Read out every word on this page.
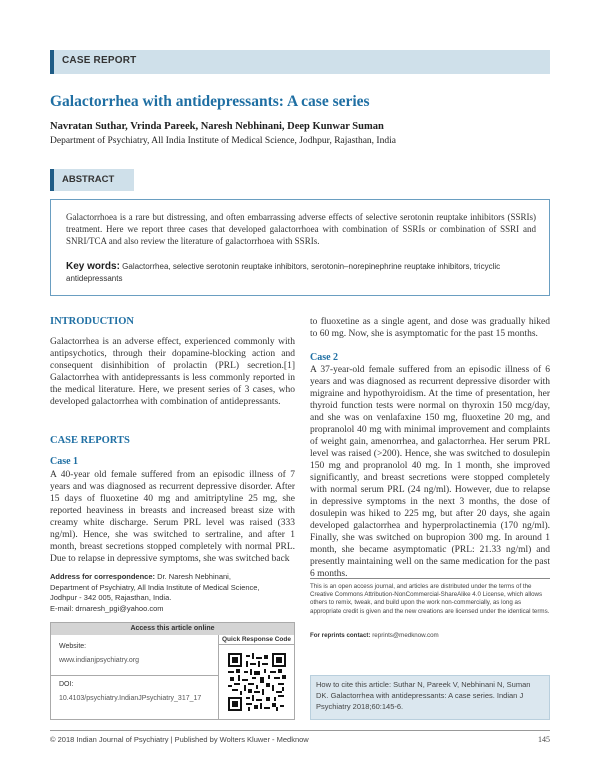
CASE REPORT
Galactorrhea with antidepressants: A case series
Navratan Suthar, Vrinda Pareek, Naresh Nebhinani, Deep Kunwar Suman
Department of Psychiatry, All India Institute of Medical Science, Jodhpur, Rajasthan, India
ABSTRACT
Galactorrhoea is a rare but distressing, and often embarrassing adverse effects of selective serotonin reuptake inhibitors (SSRIs) treatment. Here we report three cases that developed galactorrhoea with combination of SSRIs or combination of SSRI and SNRI/TCA and also review the literature of galactorrhoea with SSRIs.
Key words: Galactorrhea, selective serotonin reuptake inhibitors, serotonin–norepinephrine reuptake inhibitors, tricyclic antidepressants
INTRODUCTION
Galactorrhea is an adverse effect, experienced commonly with antipsychotics, through their dopamine-blocking action and consequent disinhibition of prolactin (PRL) secretion.[1] Galactorrhea with antidepressants is less commonly reported in the medical literature. Here, we present series of 3 cases, who developed galactorrhea with combination of antidepressants.
CASE REPORTS
Case 1
A 40-year old female suffered from an episodic illness of 7 years and was diagnosed as recurrent depressive disorder. After 15 days of fluoxetine 40 mg and amitriptyline 25 mg, she reported heaviness in breasts and increased breast size with creamy white discharge. Serum PRL level was raised (333 ng/ml). Hence, she was switched to sertraline, and after 1 month, breast secretions stopped completely with normal PRL. Due to relapse in depressive symptoms, she was switched back
to fluoxetine as a single agent, and dose was gradually hiked to 60 mg. Now, she is asymptomatic for the past 15 months.
Case 2
A 37-year-old female suffered from an episodic illness of 6 years and was diagnosed as recurrent depressive disorder with migraine and hypothyroidism. At the time of presentation, her thyroid function tests were normal on thyroxin 150 mcg/day, and she was on venlafaxine 150 mg, fluoxetine 20 mg, and propranolol 40 mg with minimal improvement and complaints of weight gain, amenorrhea, and galactorrhea. Her serum PRL level was raised (>200). Hence, she was switched to dosulepin 150 mg and propranolol 40 mg. In 1 month, she improved significantly, and breast secretions were stopped completely with normal serum PRL (24 ng/ml). However, due to relapse in depressive symptoms in the next 3 months, the dose of dosulepin was hiked to 225 mg, but after 20 days, she again developed galactorrhea and hyperprolactinemia (170 ng/ml). Finally, she was switched on bupropion 300 mg. In around 1 month, she became asymptomatic (PRL: 21.33 ng/ml) and presently maintaining well on the same medication for the past 6 months.
Address for correspondence: Dr. Naresh Nebhinani,
Department of Psychiatry, All India Institute of Medical Science,
Jodhpur - 342 005, Rajasthan, India.
E-mail: drnaresh_pgi@yahoo.com
Access this article online
Quick Response Code
Website:
www.indianjpsychiatry.org
DOI:
10.4103/psychiatry.IndianJPsychiatry_317_17
This is an open access journal, and articles are distributed under the terms of the Creative Commons Attribution-NonCommercial-ShareAlike 4.0 License, which allows others to remix, tweak, and build upon the work non-commercially, as long as appropriate credit is given and the new creations are licensed under the identical terms.
For reprints contact: reprints@medknow.com
How to cite this article: Suthar N, Pareek V, Nebhinani N, Suman DK. Galactorrhea with antidepressants: A case series. Indian J Psychiatry 2018;60:145-6.
© 2018 Indian Journal of Psychiatry | Published by Wolters Kluwer - Medknow	145
